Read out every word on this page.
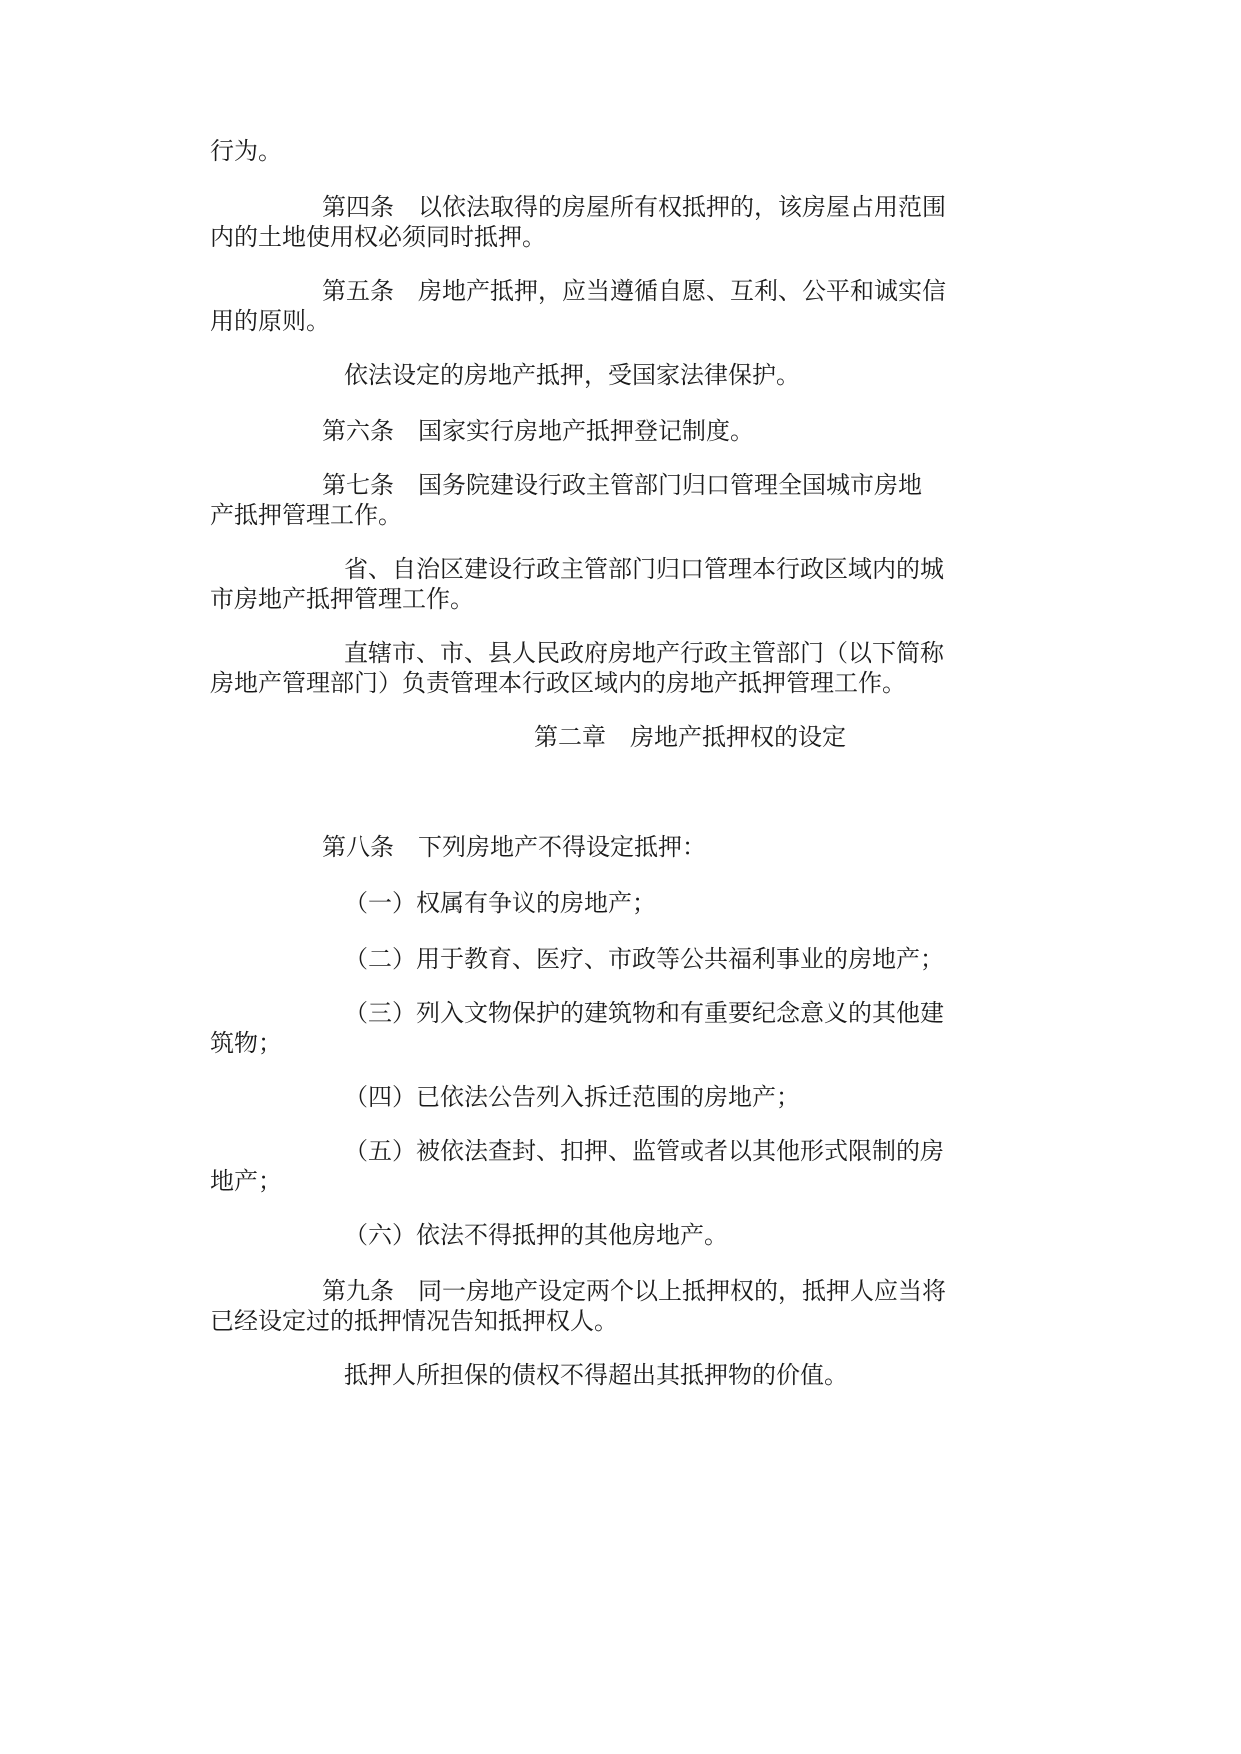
行为。

第四条　以依法取得的房屋所有权抵押的，该房屋占用范围

内的土地使用权必须同时抵押。

第五条　房地产抵押，应当遵循自愿、互利、公平和诚实信

用的原则。

依法设定的房地产抵押，受国家法律保护。

第六条　国家实行房地产抵押登记制度。

第七条　国务院建设行政主管部门归口管理全国城市房地

产抵押管理工作。

省、自治区建设行政主管部门归口管理本行政区域内的城

市房地产抵押管理工作。

直辖市、市、县人民政府房地产行政主管部门（以下简称

房地产管理部门）负责管理本行政区域内的房地产抵押管理工作。

第二章　房地产抵押权的设定

第八条　下列房地产不得设定抵押：

（一）权属有争议的房地产；

（二）用于教育、医疗、市政等公共福利事业的房地产；

（三）列入文物保护的建筑物和有重要纪念意义的其他建

筑物；

（四）已依法公告列入拆迁范围的房地产；

（五）被依法查封、扣押、监管或者以其他形式限制的房

地产；

（六）依法不得抵押的其他房地产。

第九条　同一房地产设定两个以上抵押权的，抵押人应当将

已经设定过的抵押情况告知抵押权人。

抵押人所担保的债权不得超出其抵押物的价值。
